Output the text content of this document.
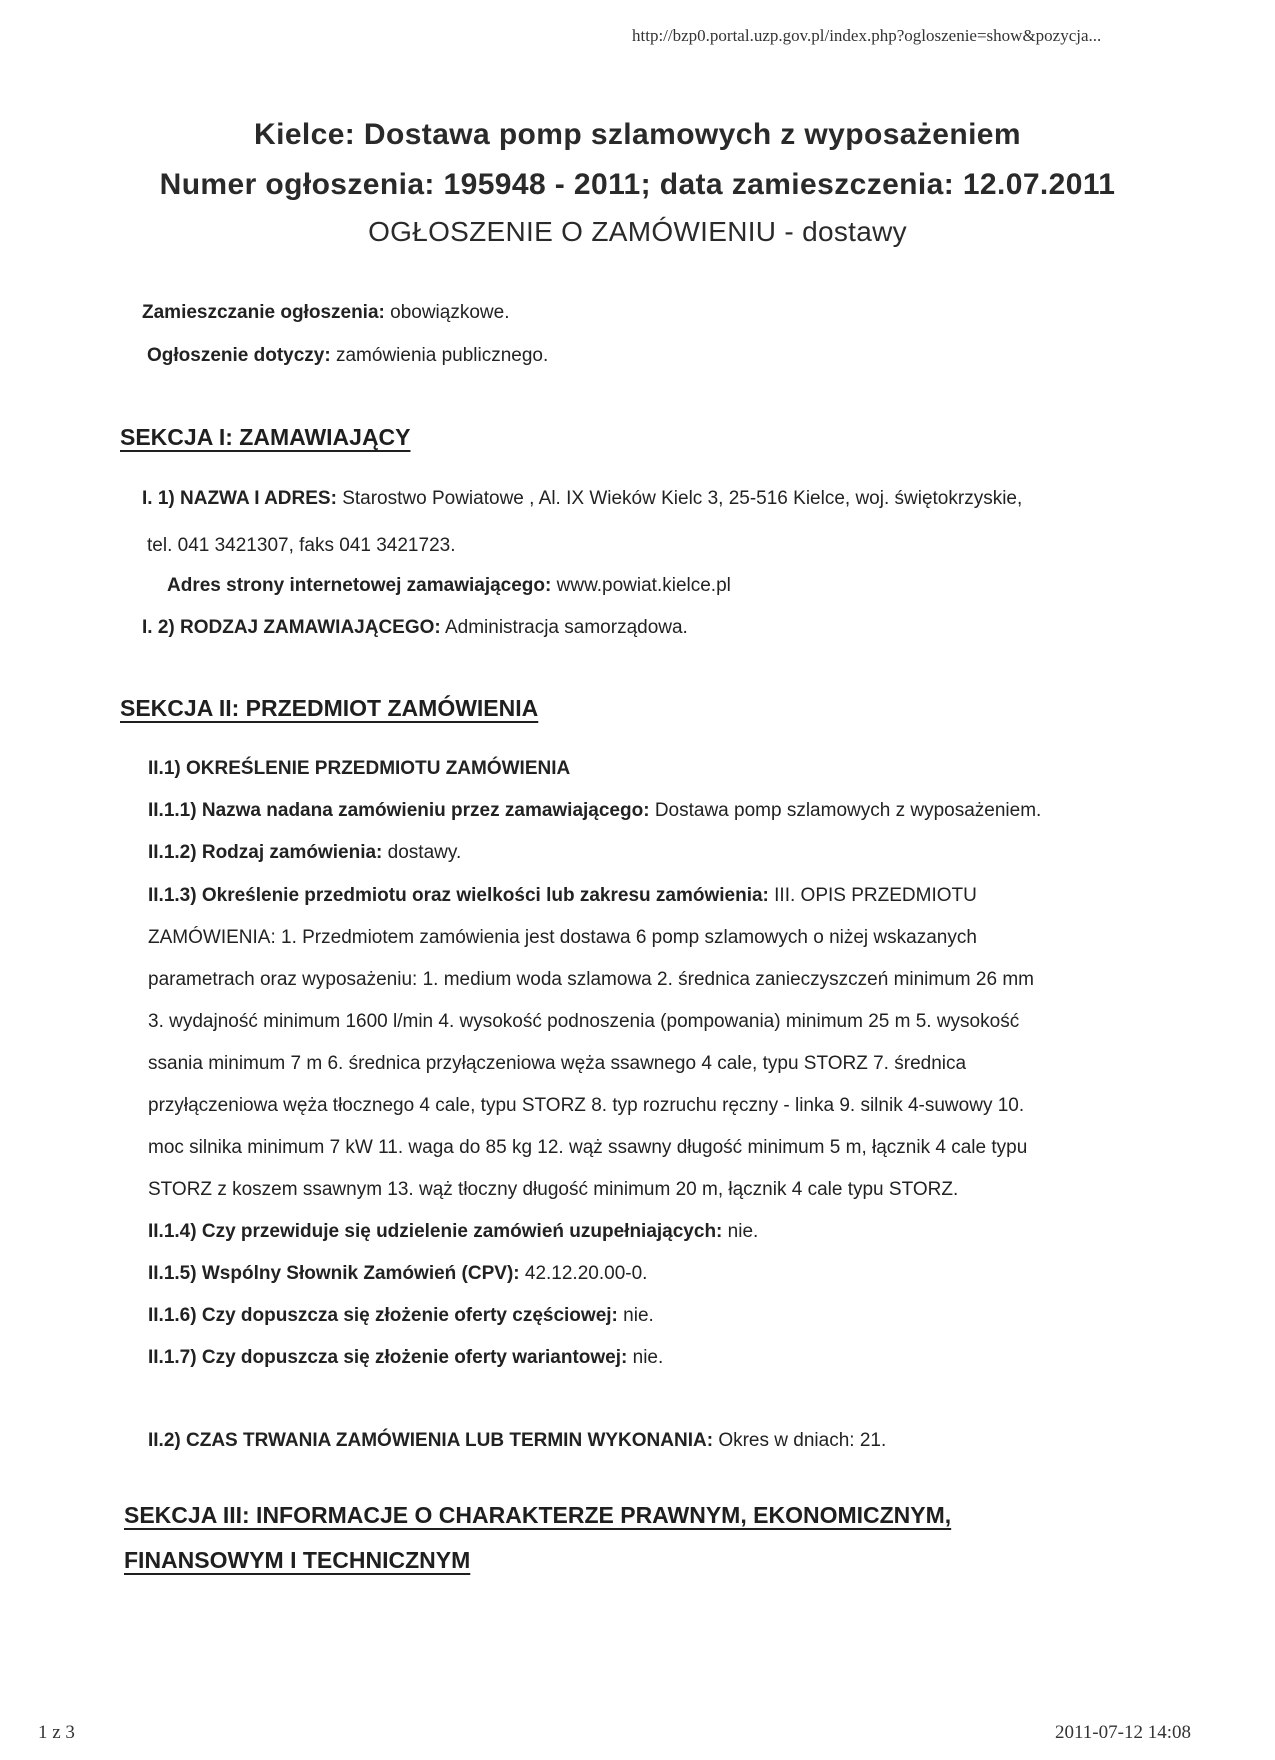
http://bzp0.portal.uzp.gov.pl/index.php?ogloszenie=show&pozycja...
Kielce: Dostawa pomp szlamowych z wyposażeniem
Numer ogłoszenia: 195948 - 2011; data zamieszczenia: 12.07.2011
OGŁOSZENIE O ZAMÓWIENIU - dostawy
Zamieszczanie ogłoszenia: obowiązkowe.
Ogłoszenie dotyczy: zamówienia publicznego.
SEKCJA I: ZAMAWIAJĄCY
I. 1) NAZWA I ADRES: Starostwo Powiatowe , Al. IX Wieków Kielc 3, 25-516 Kielce, woj. świętokrzyskie,
tel. 041 3421307, faks 041 3421723.
Adres strony internetowej zamawiającego: www.powiat.kielce.pl
I. 2) RODZAJ ZAMAWIAJĄCEGO: Administracja samorządowa.
SEKCJA II: PRZEDMIOT ZAMÓWIENIA
II.1) OKREŚLENIE PRZEDMIOTU ZAMÓWIENIA
II.1.1) Nazwa nadana zamówieniu przez zamawiającego: Dostawa pomp szlamowych z wyposażeniem.
II.1.2) Rodzaj zamówienia: dostawy.
II.1.3) Określenie przedmiotu oraz wielkości lub zakresu zamówienia: III. OPIS PRZEDMIOTU
ZAMÓWIENIA: 1. Przedmiotem zamówienia jest dostawa 6 pomp szlamowych o niżej wskazanych
parametrach oraz wyposażeniu: 1. medium woda szlamowa 2. średnica zanieczyszczeń minimum 26 mm
3. wydajność minimum 1600 l/min 4. wysokość podnoszenia (pompowania) minimum 25 m 5. wysokość
ssania minimum 7 m 6. średnica przyłączeniowa węża ssawnego 4 cale, typu STORZ 7. średnica
przyłączeniowa węża tłocznego 4 cale, typu STORZ 8. typ rozruchu ręczny - linka 9. silnik 4-suwowy 10.
moc silnika minimum 7 kW 11. waga do 85 kg 12. wąż ssawny długość minimum 5 m, łącznik 4 cale typu
STORZ z koszem ssawnym 13. wąż tłoczny długość minimum 20 m, łącznik 4 cale typu STORZ.
II.1.4) Czy przewiduje się udzielenie zamówień uzupełniających: nie.
II.1.5) Wspólny Słownik Zamówień (CPV): 42.12.20.00-0.
II.1.6) Czy dopuszcza się złożenie oferty częściowej: nie.
II.1.7) Czy dopuszcza się złożenie oferty wariantowej: nie.
II.2) CZAS TRWANIA ZAMÓWIENIA LUB TERMIN WYKONANIA: Okres w dniach: 21.
SEKCJA III: INFORMACJE O CHARAKTERZE PRAWNYM, EKONOMICZNYM,
FINANSOWYM I TECHNICZNYM
1 z 3	2011-07-12 14:08
